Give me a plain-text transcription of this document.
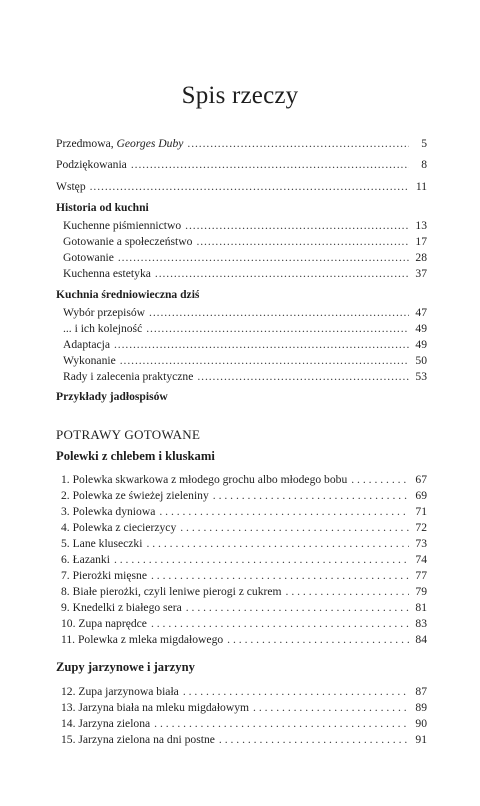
Spis rzeczy
Przedmowa, Georges Duby .....	5
Podziękowania .....	8
Wstęp .....	11
Historia od kuchni
Kuchenne piśmiennictwo .....	13
Gotowanie a społeczeństwo .....	17
Gotowanie .....	28
Kuchenna estetyka .....	37
Kuchnia średniowieczna dziś
Wybór przepisów .....	47
... i ich kolejność .....	49
Adaptacja .....	49
Wykonanie .....	50
Rady i zalecenia praktyczne .....	53
Przykłady jadłospisów
POTRAWY GOTOWANE
Polewki z chlebem i kluskami
1. Polewka skwarkowa z młodego grochu albo młodego bobu . . .	67
2. Polewka ze świeżej zieleniny . . .	69
3. Polewka dyniowa . . .	71
4. Polewka z ciecierzycy . . .	72
5. Lane kluseczki . . .	73
6. Łazanki . . .	74
7. Pierożki mięsne . . .	77
8. Białe pierożki, czyli leniwe pierogi z cukrem . . .	79
9. Knedelki z białego sera . . .	81
10. Zupa naprędce . . .	83
11. Polewka z mleka migdałowego . . .	84
Zupy jarzynowe i jarzyny
12. Zupa jarzynowa biała . . .	87
13. Jarzyna biała na mleku migdałowym . . .	89
14. Jarzyna zielona . . .	90
15. Jarzyna zielona na dni postne . . .	91
